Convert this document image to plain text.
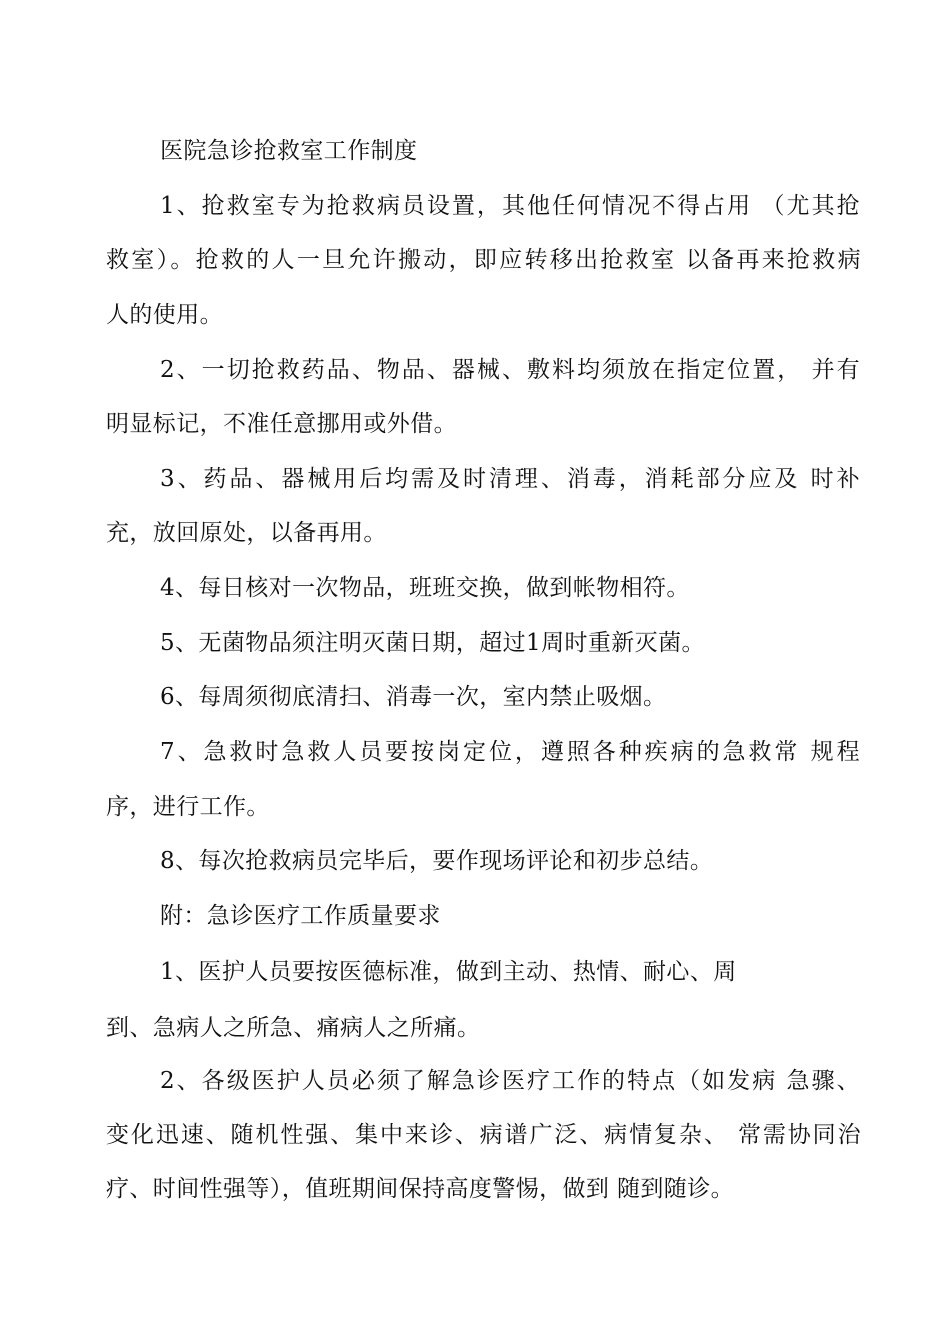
医院急诊抢救室工作制度
1、抢救室专为抢救病员设置，其他任何情况不得占用 （尤其抢
救室）。抢救的人一旦允许搬动，即应转移出抢救室 以备再来抢救病
人的使用。
2、一切抢救药品、物品、器械、敷料均须放在指定位置， 并有
明显标记，不准任意挪用或外借。
3、药品、器械用后均需及时清理、消毒，消耗部分应及 时补
充，放回原处，以备再用。
4、每日核对一次物品，班班交换，做到帐物相符。
5、无菌物品须注明灭菌日期，超过1周时重新灭菌。
6、每周须彻底清扫、消毒一次，室内禁止吸烟。
7、急救时急救人员要按岗定位，遵照各种疾病的急救常 规程
序，进行工作。
8、每次抢救病员完毕后，要作现场评论和初步总结。
附：急诊医疗工作质量要求
1、医护人员要按医德标准，做到主动、热情、耐心、周
到、急病人之所急、痛病人之所痛。
2、各级医护人员必须了解急诊医疗工作的特点（如发病 急骤、
变化迅速、随机性强、集中来诊、病谱广泛、病情复杂、 常需协同治
疗、时间性强等），值班期间保持高度警惕，做到 随到随诊。
